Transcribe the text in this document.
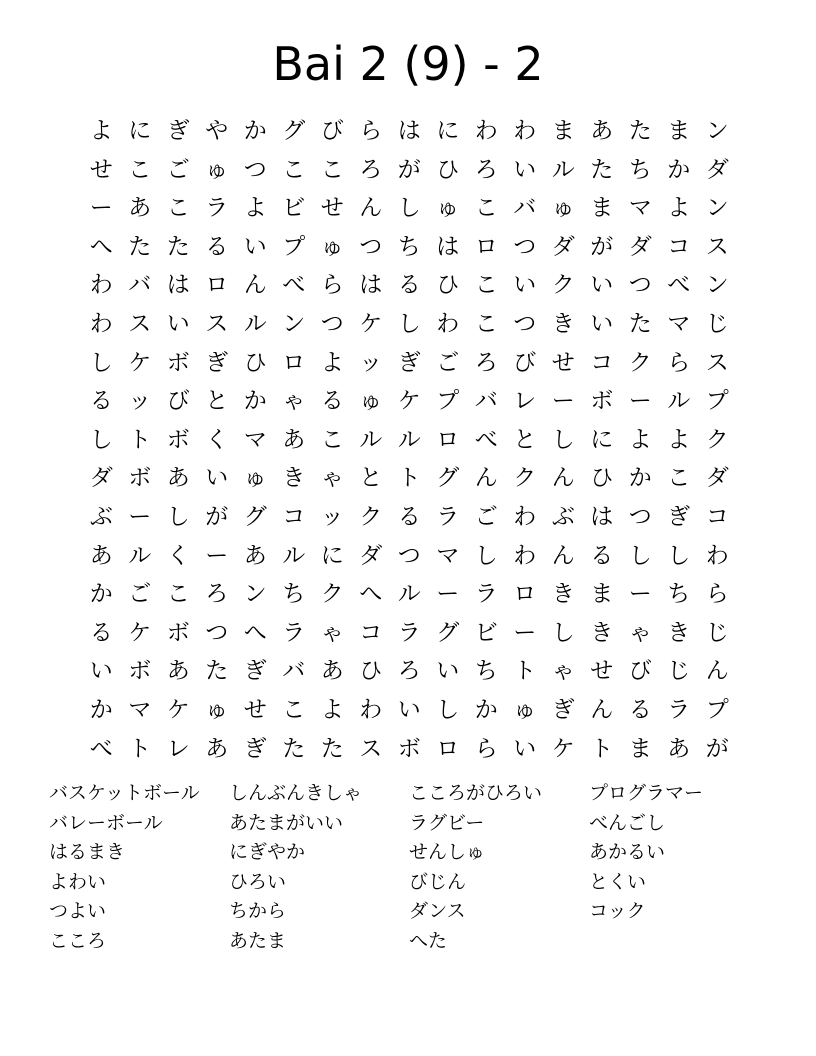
Bai 2 (9) - 2
よ に ぎ や か グ び ら は に わ わ ま あ た ま ン
せ こ ご ゅ つ こ こ ろ が ひ ろ い ル た ち か ダ
ー あ こ ラ よ ビ せ ん し ゅ こ バ ゅ ま マ よ ン
へ た た る い プ ゅ つ ち は ロ つ ダ が ダ コ ス
わ バ は ロ ん べ ら は る ひ こ い ク い つ べ ン
わ ス い ス ル ン つ ケ し わ こ つ き い た マ じ
し ケ ボ ぎ ひ ロ よ ッ ぎ ご ろ び せ コ ク ら ス
る ッ び と か ゃ る ゅ ケ プ バ レ ー ボ ー ル プ
し ト ボ く マ あ こ ル ル ロ べ と し に よ よ ク
ダ ボ あ い ゅ き ゃ と ト グ ん ク ん ひ か こ ダ
ぶ ー し が グ コ ッ ク る ラ ご わ ぶ は つ ぎ コ
あ ル く ー あ ル に ダ つ マ し わ ん る し し わ
か ご こ ろ ン ち ク へ ル ー ラ ロ き ま ー ち ら
る ケ ボ つ へ ラ ゃ コ ラ グ ビ ー し き ゃ き じ
い ボ あ た ぎ バ あ ひ ろ い ち ト ゃ せ び じ ん
か マ ケ ゅ せ こ よ わ い し か ゅ ぎ ん る ラ プ
べ ト レ あ ぎ た た ス ボ ロ ら い ケ ト ま あ が
バスケットボール
バレーボール
はるまき
よわい
つよい
こころ
しんぶんきしゃ
あたまがいい
にぎやか
ひろい
ちから
あたま
こころがひろい
ラグビー
せんしゅ
びじん
ダンス
へた
プログラマー
べんごし
あかるい
とくい
コック
